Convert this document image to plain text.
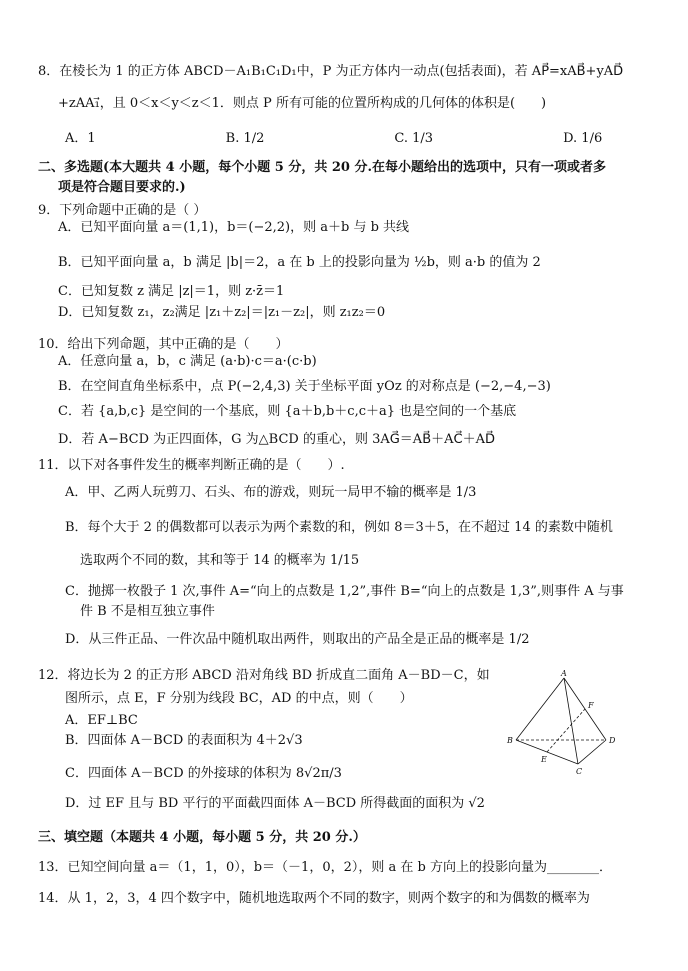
8．在棱长为 1 的正方体 ABCD－A₁B₁C₁D₁中，P 为正方体内一动点(包括表面)，若 AP⃗=xAB⃗+yAD⃗
+zAA₁⃗，且 0＜x＜y＜z＜1．则点 P 所有可能的位置所构成的几何体的体积是(　　)
A．1　　　　　　　　　　B. 1/2　　　　　　　　　　C. 1/3　　　　　　　　　　D. 1/6
二、多选题(本大题共 4 小题，每个小题 5 分，共 20 分.在每小题给出的选项中，只有一项或者多
项是符合题目要求的.)
9．下列命题中正确的是（ ）
A．已知平面向量 a＝(1,1)，b＝(−2,2)，则 a＋b 与 b 共线
B．已知平面向量 a，b 满足 |b|＝2，a 在 b 上的投影向量为 ½b，则 a·b 的值为 2
C．已知复数 z 满足 |z|＝1，则 z·z̄＝1
D．已知复数 z₁，z₂满足 |z₁＋z₂|＝|z₁－z₂|，则 z₁z₂＝0
10．给出下列命题，其中正确的是（　　）
A．任意向量 a，b，c 满足 (a·b)·c＝a·(c·b)
B．在空间直角坐标系中，点 P(−2,4,3) 关于坐标平面 yOz 的对称点是 (−2,−4,−3)
C．若 {a,b,c} 是空间的一个基底，则 {a＋b,b＋c,c＋a} 也是空间的一个基底
D．若 A−BCD 为正四面体，G 为△BCD 的重心，则 3AG⃗＝AB⃗＋AC⃗＋AD⃗
11．以下对各事件发生的概率判断正确的是（　　）.
A．甲、乙两人玩剪刀、石头、布的游戏，则玩一局甲不输的概率是 1/3
B．每个大于 2 的偶数都可以表示为两个素数的和，例如 8＝3＋5，在不超过 14 的素数中随机
选取两个不同的数，其和等于 14 的概率为 1/15
C．抛掷一枚骰子 1 次,事件 A=“向上的点数是 1,2”,事件 B=“向上的点数是 1,3”,则事件 A 与事
件 B 不是相互独立事件
D．从三件正品、一件次品中随机取出两件，则取出的产品全是正品的概率是 1/2
12．将边长为 2 的正方形 ABCD 沿对角线 BD 折成直二面角 A－BD－C，如
图所示，点 E，F 分别为线段 BC，AD 的中点，则（　　）
A．EF⊥BC
B．四面体 A－BCD 的表面积为 4＋2√3
C．四面体 A－BCD 的外接球的体积为 8√2π/3
D．过 EF 且与 BD 平行的平面截四面体 A－BCD 所得截面的面积为 √2
A
B
C
D
E
F
三、填空题（本题共 4 小题，每小题 5 分，共 20 分.）
13．已知空间向量 a＝（1，1，0），b＝（－1，0，2），则 a 在 b 方向上的投影向量为________．
14．从 1，2，3，4 四个数字中，随机地选取两个不同的数字，则两个数字的和为偶数的概率为
